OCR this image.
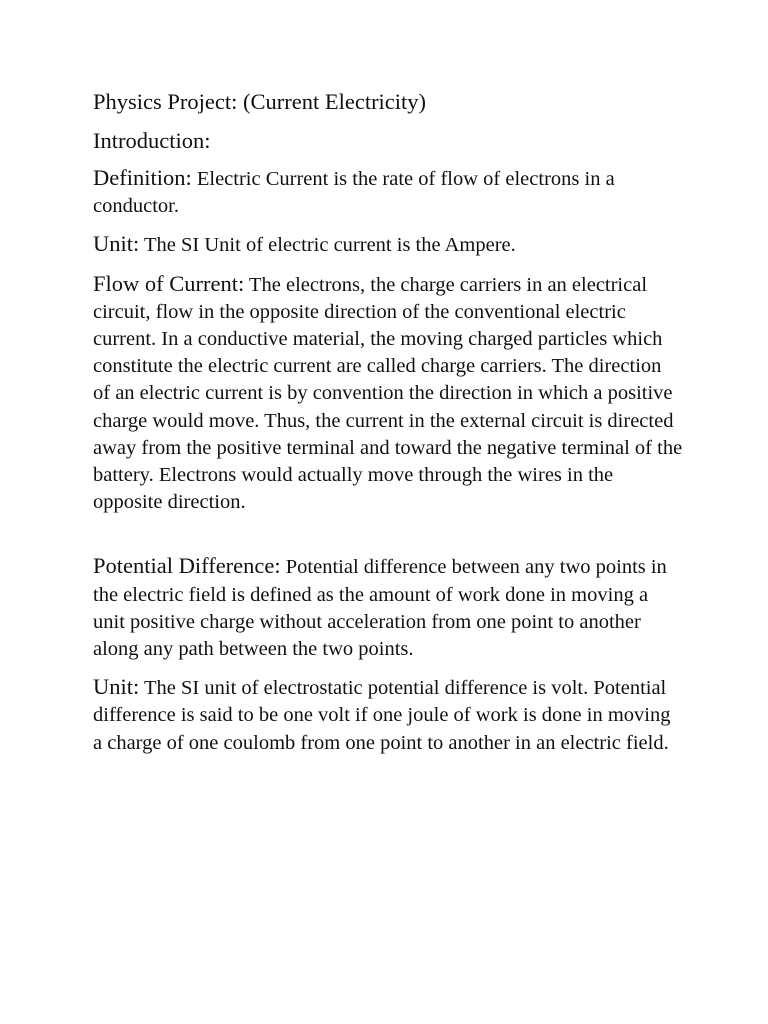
Physics Project: (Current Electricity)
Introduction:

Definition: Electric Current is the rate of flow of electrons in a conductor.

Unit: The SI Unit of electric current is the Ampere.

Flow of Current: The electrons, the charge carriers in an electrical circuit, flow in the opposite direction of the conventional electric current. In a conductive material, the moving charged particles which constitute the electric current are called charge carriers. The direction of an electric current is by convention the direction in which a positive charge would move. Thus, the current in the external circuit is directed away from the positive terminal and toward the negative terminal of the battery. Electrons would actually move through the wires in the opposite direction.

Potential Difference: Potential difference between any two points in the electric field is defined as the amount of work done in moving a unit positive charge without acceleration from one point to another along any path between the two points.

Unit: The SI unit of electrostatic potential difference is volt. Potential difference is said to be one volt if one joule of work is done in moving a charge of one coulomb from one point to another in an electric field.
